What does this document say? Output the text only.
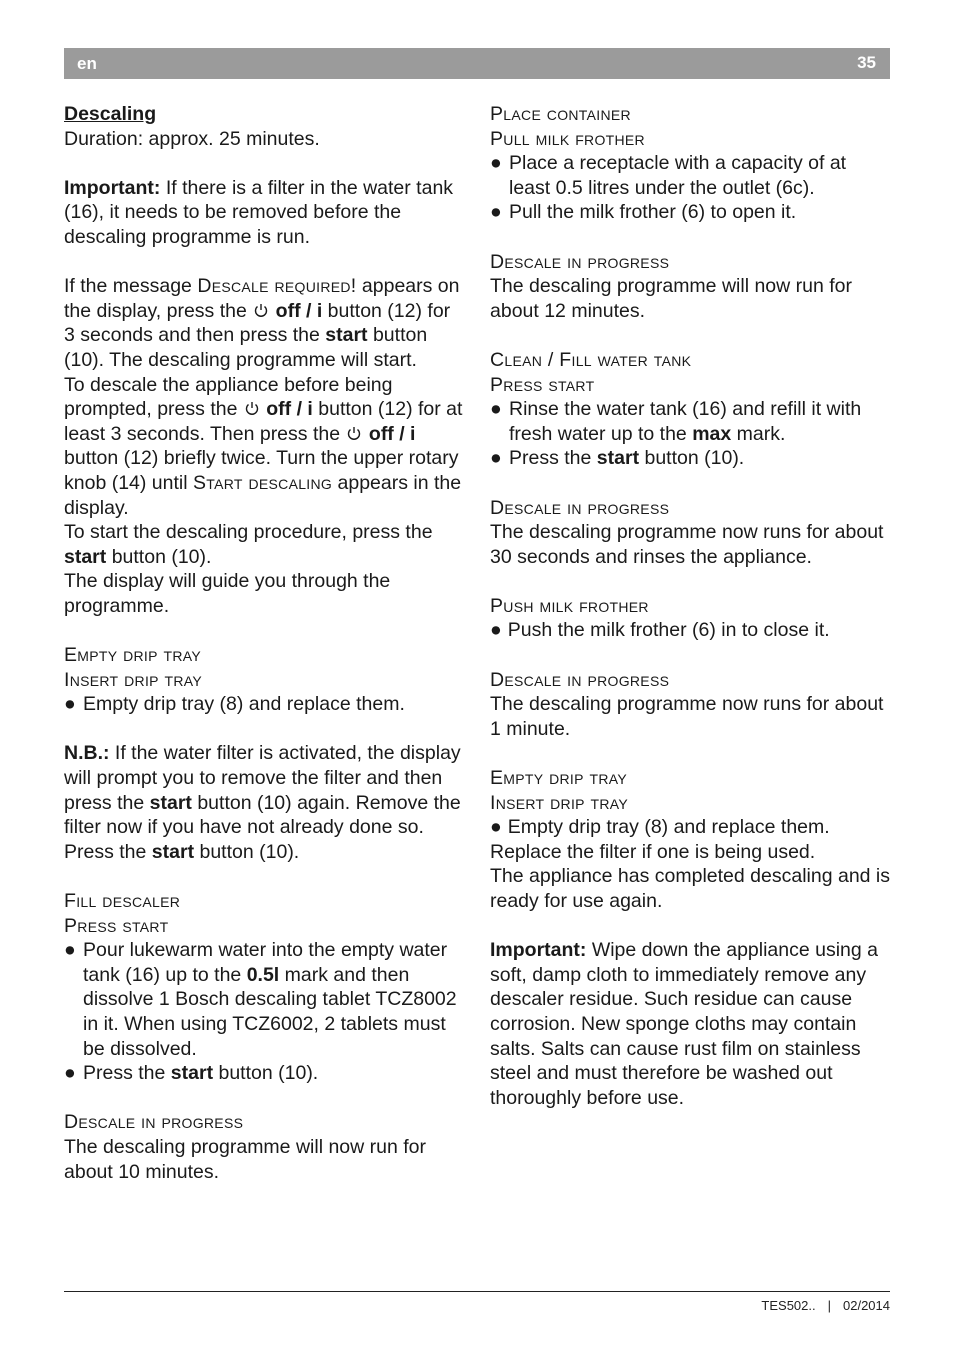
en	35

Descaling

Duration: approx. 25 minutes.

Important: If there is a filter in the water tank (16), it needs to be removed before the descaling programme is run.

If the message Descale required! appears on the display, press the  off / i button (12) for 3 seconds and then press the start button (10). The descaling programme will start.

To descale the appliance before being prompted, press the  off / i button (12) for at least 3 seconds. Then press the  off / i button (12) briefly twice. Turn the upper rotary knob (14) until Start descaling appears in the display.

To start the descaling procedure, press the start button (10).

The display will guide you through the programme.

Empty drip tray

Insert drip tray

● Empty drip tray (8) and replace them.

N.B.: If the water filter is activated, the display will prompt you to remove the filter and then press the start button (10) again. Remove the filter now if you have not already done so. Press the start button (10).

Fill descaler

Press start

● Pour lukewarm water into the empty water tank (16) up to the 0.5l mark and then dissolve 1 Bosch descaling tablet TCZ8002 in it. When using TCZ6002, 2 tablets must be dissolved.
● Press the start button (10).

Descale in progress

The descaling programme will now run for about 10 minutes.

Place container

Pull milk frother

● Place a receptacle with a capacity of at least 0.5 litres under the outlet (6c).
● Pull the milk frother (6) to open it.

Descale in progress

The descaling programme will now run for about 12 minutes.

Clean / Fill water tank

Press start

● Rinse the water tank (16) and refill it with fresh water up to the max mark.
● Press the start button (10).

Descale in progress

The descaling programme now runs for about 30 seconds and rinses the appliance.

Push milk frother

● Push the milk frother (6) in to close it.

Descale in progress

The descaling programme now runs for about 1 minute.

Empty drip tray

Insert drip tray

● Empty drip tray (8) and replace them.

Replace the filter if one is being used.

The appliance has completed descaling and is ready for use again.

Important: Wipe down the appliance using a soft, damp cloth to immediately remove any descaler residue. Such residue can cause corrosion. New sponge cloths may contain salts. Salts can cause rust film on stainless steel and must therefore be washed out thoroughly before use.

TES502.. | 02/2014
